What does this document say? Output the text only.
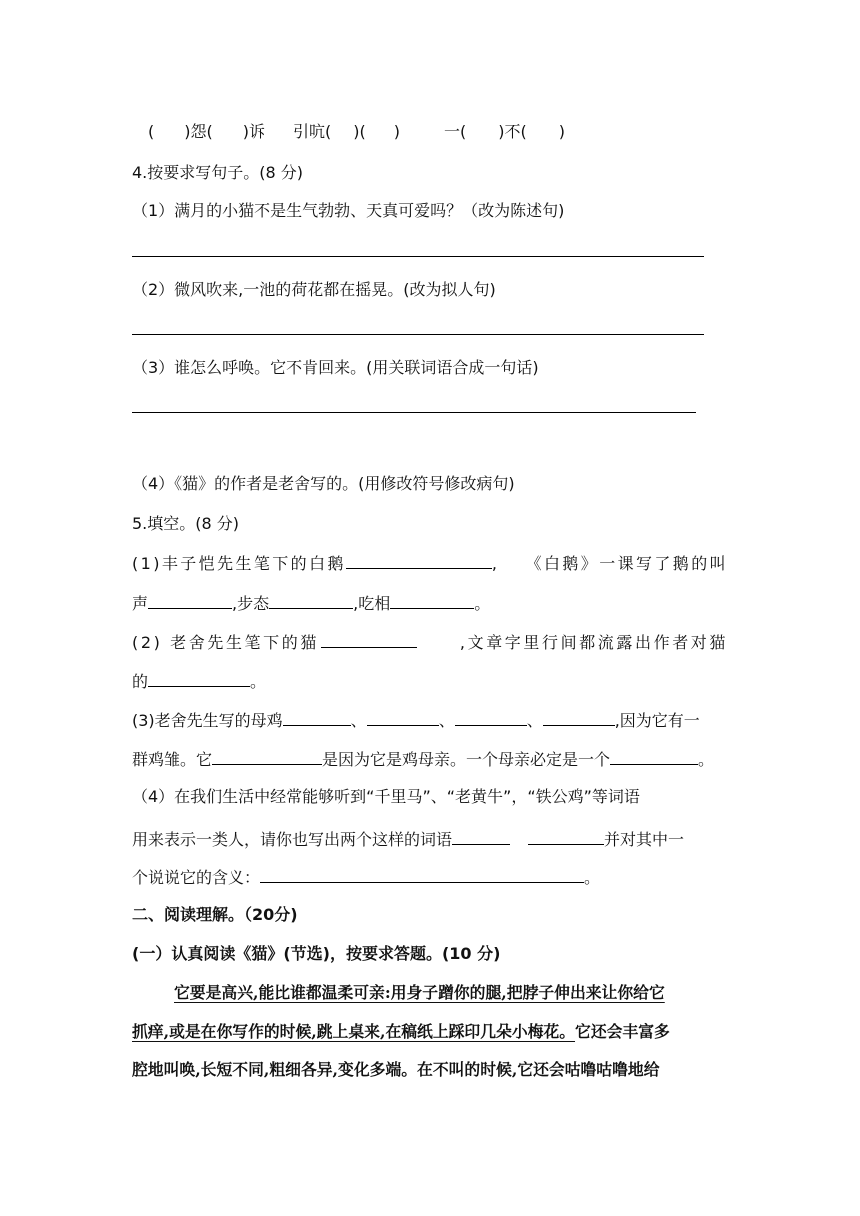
( )怨( )诉 引吭( )( )	一( )不( )
4.按要求写句子。(8 分)
（1）满月的小猫不是生气勃勃、天真可爱吗？（改为陈述句)
（2）微风吹来,一池的荷花都在摇晃。(改为拟人句)
（3）谁怎么呼唤。它不肯回来。(用关联词语合成一句话)
（4）《猫》的作者是老舍写的。(用修改符号修改病句)
5.填空。(8 分)
(1)丰子恺先生笔下的白鹅	, 《白鹅》一课写了鹅的叫
声	,步态	,吃相	。
(2) 老舍先生笔下的猫	,文章字里行间都流露出作者对猫
的	。
(3)老舍先生写的母鸡	、	、	、	,因为它有一
群鸡雏。它	是因为它是鸡母亲。一个母亲必定是一个	。
（4）在我们生活中经常能够听到“千里马”、“老黄牛”，“铁公鸡”等词语
用来表示一类人，请你也写出两个这样的词语	并对其中一
个说说它的含义：	。
二、阅读理解。（20分)
(一）认真阅读《猫》(节选)，按要求答题。(10 分)
它要是高兴,能比谁都温柔可亲:用身子蹭你的腿,把脖子伸出来让你给它
抓痒,或是在你写作的时候,跳上桌来,在稿纸上踩印几朵小梅花。它还会丰富多
腔地叫唤,长短不同,粗细各异,变化多端。在不叫的时候,它还会咕噜咕噜地给
